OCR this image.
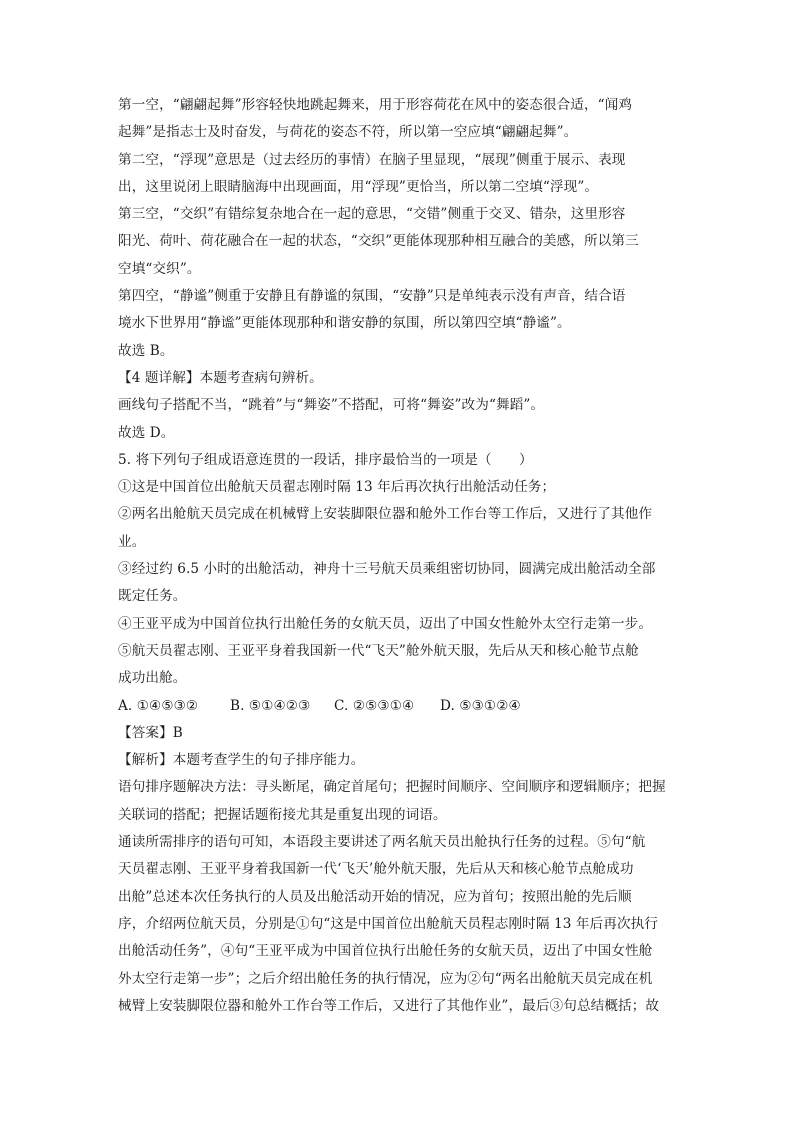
第一空，“翩翩起舞”形容轻快地跳起舞来，用于形容荷花在风中的姿态很合适，“闻鸡
起舞”是指志士及时奋发，与荷花的姿态不符，所以第一空应填“翩翩起舞”。
第二空，“浮现”意思是（过去经历的事情）在脑子里显现，“展现”侧重于展示、表现
出，这里说闭上眼睛脑海中出现画面，用“浮现”更恰当，所以第二空填“浮现”。
第三空，“交织”有错综复杂地合在一起的意思，“交错”侧重于交叉、错杂，这里形容
阳光、荷叶、荷花融合在一起的状态，“交织”更能体现那种相互融合的美感，所以第三
空填“交织”。
第四空，“静谧”侧重于安静且有静谧的氛围，“安静”只是单纯表示没有声音，结合语
境水下世界用“静谧”更能体现那种和谐安静的氛围，所以第四空填“静谧”。
故选 B。
【4 题详解】本题考查病句辨析。
画线句子搭配不当，“跳着”与“舞姿”不搭配，可将“舞姿”改为“舞蹈”。
故选 D。
5. 将下列句子组成语意连贯的一段话，排序最恰当的一项是（　　）
①这是中国首位出舱航天员翟志刚时隔 13 年后再次执行出舱活动任务；
②两名出舱航天员完成在机械臂上安装脚限位器和舱外工作台等工作后，又进行了其他作
业。
③经过约 6.5 小时的出舱活动，神舟十三号航天员乘组密切协同，圆满完成出舱活动全部
既定任务。
④王亚平成为中国首位执行出舱任务的女航天员，迈出了中国女性舱外太空行走第一步。
⑤航天员翟志刚、王亚平身着我国新一代“飞天”舱外航天服，先后从天和核心舱节点舱
成功出舱。
A. ①④⑤③② B. ⑤①④②③ C. ②⑤③①④ D. ⑤③①②④
【答案】B
【解析】本题考查学生的句子排序能力。
语句排序题解决方法：寻头断尾，确定首尾句；把握时间顺序、空间顺序和逻辑顺序；把握
关联词的搭配；把握话题衔接尤其是重复出现的词语。
通读所需排序的语句可知，本语段主要讲述了两名航天员出舱执行任务的过程。⑤句“航
天员翟志刚、王亚平身着我国新一代‘飞天’舱外航天服，先后从天和核心舱节点舱成功
出舱”总述本次任务执行的人员及出舱活动开始的情况，应为首句；按照出舱的先后顺
序，介绍两位航天员，分别是①句“这是中国首位出舱航天员程志刚时隔 13 年后再次执行
出舱活动任务”，④句“王亚平成为中国首位执行出舱任务的女航天员，迈出了中国女性舱
外太空行走第一步”；之后介绍出舱任务的执行情况，应为②句“两名出舱航天员完成在机
械臂上安装脚限位器和舱外工作台等工作后，又进行了其他作业”，最后③句总结概括；故
